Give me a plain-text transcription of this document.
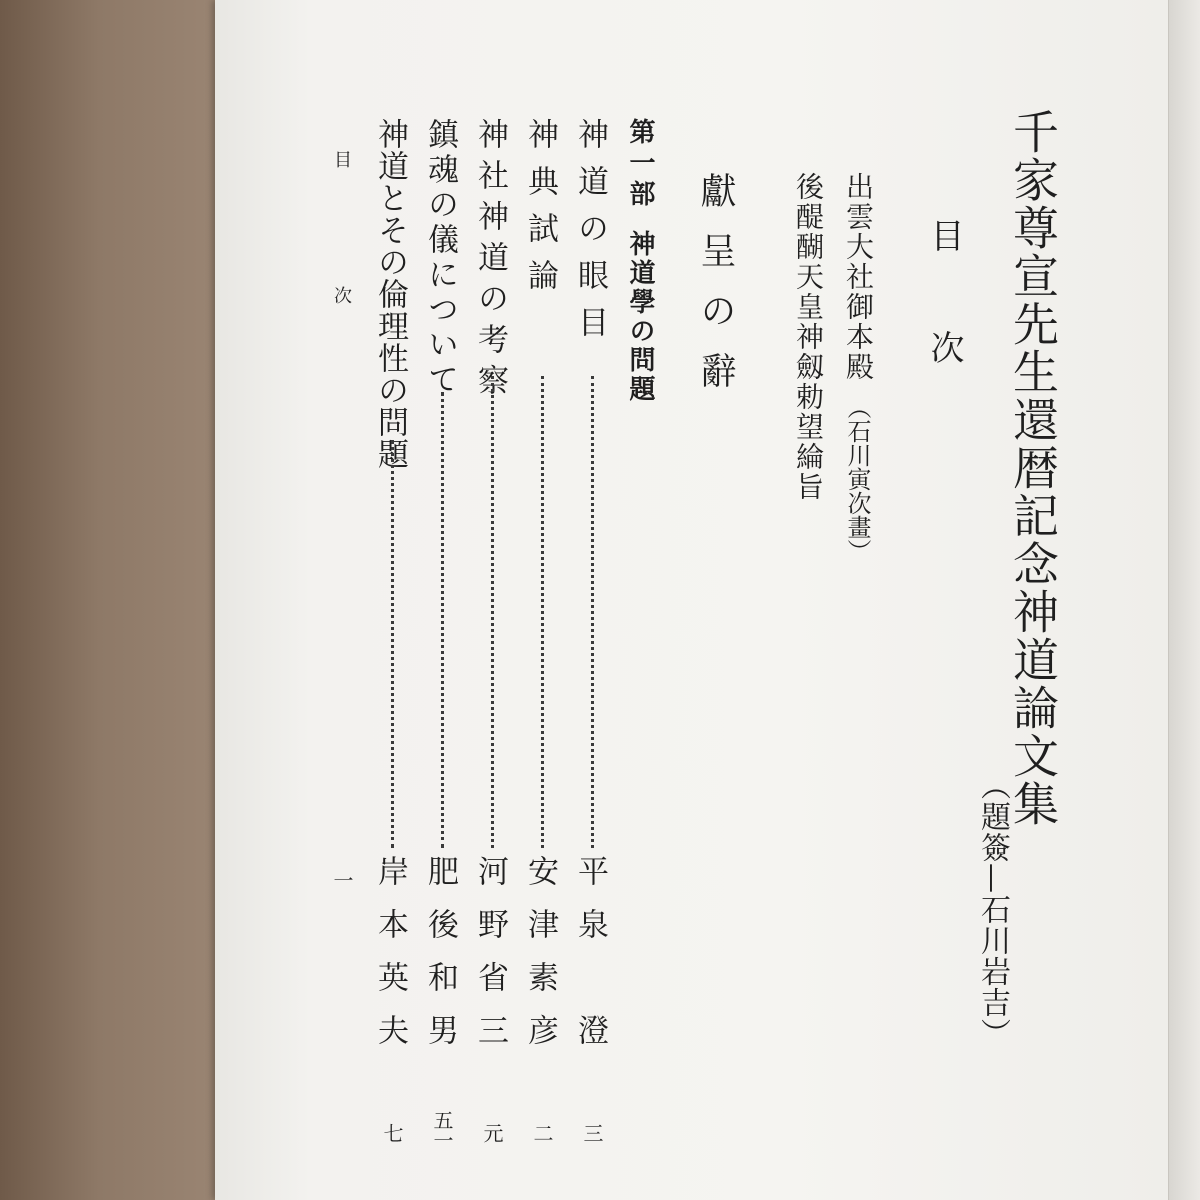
千家尊宣先生還暦記念神道論文集
（題簽—石川岩吉）
目　次
出雲大社御本殿
（石川寅次畫）
後醍醐天皇神劔勅望綸旨
獻呈の辭
第一部
神道學の問題
神道の眼目
平泉　澄
三
神典試論
安津素彦
二
神社神道の考察
河野省三
元
鎮魂の儀について
肥後和男
五一
神道とその倫理性の問題
岸本英夫
七
目　次
一
